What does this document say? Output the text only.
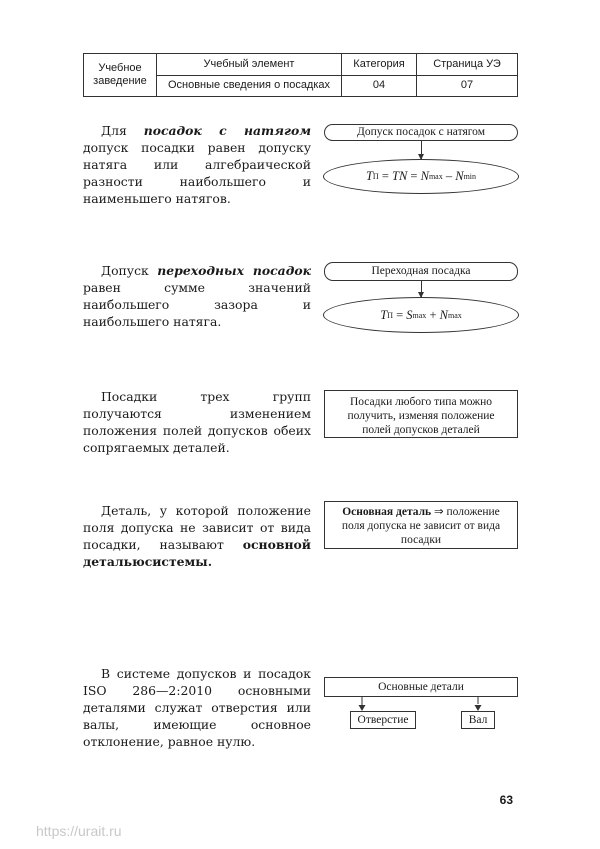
Учебное заведение	Учебный элемент	Категория	Страница УЭ
	Основные сведения о посадках	04	07
Для посадок с натягом допуск посадки равен допуску натяга или алгебраической разности наибольшего и наименьшего натягов.
Допуск посадок с натягом
T П
=
TN
=
N max
–
N min
Допуск переходных посадок равен сумме значений наибольшего зазора и наибольшего натяга.
Переходная посадка
T П
=
S max
+
N max
Посадки трех групп получаются изменением положения полей допусков обеих сопрягаемых деталей.
Посадки любого типа можно получить, изменяя положение полей допусков деталей
Деталь, у которой положение поля допуска не зависит от вида посадки, называют основной детальюсистемы.
Основная деталь ⇒ положение поля допуска не зависит от вида посадки
В системе допусков и посадок ISO 286—2:2010 основными деталями служат отверстия или валы, имеющие основное отклонение, равное нулю.
Основные детали
Отверстие	Вал
63
https://urait.ru
